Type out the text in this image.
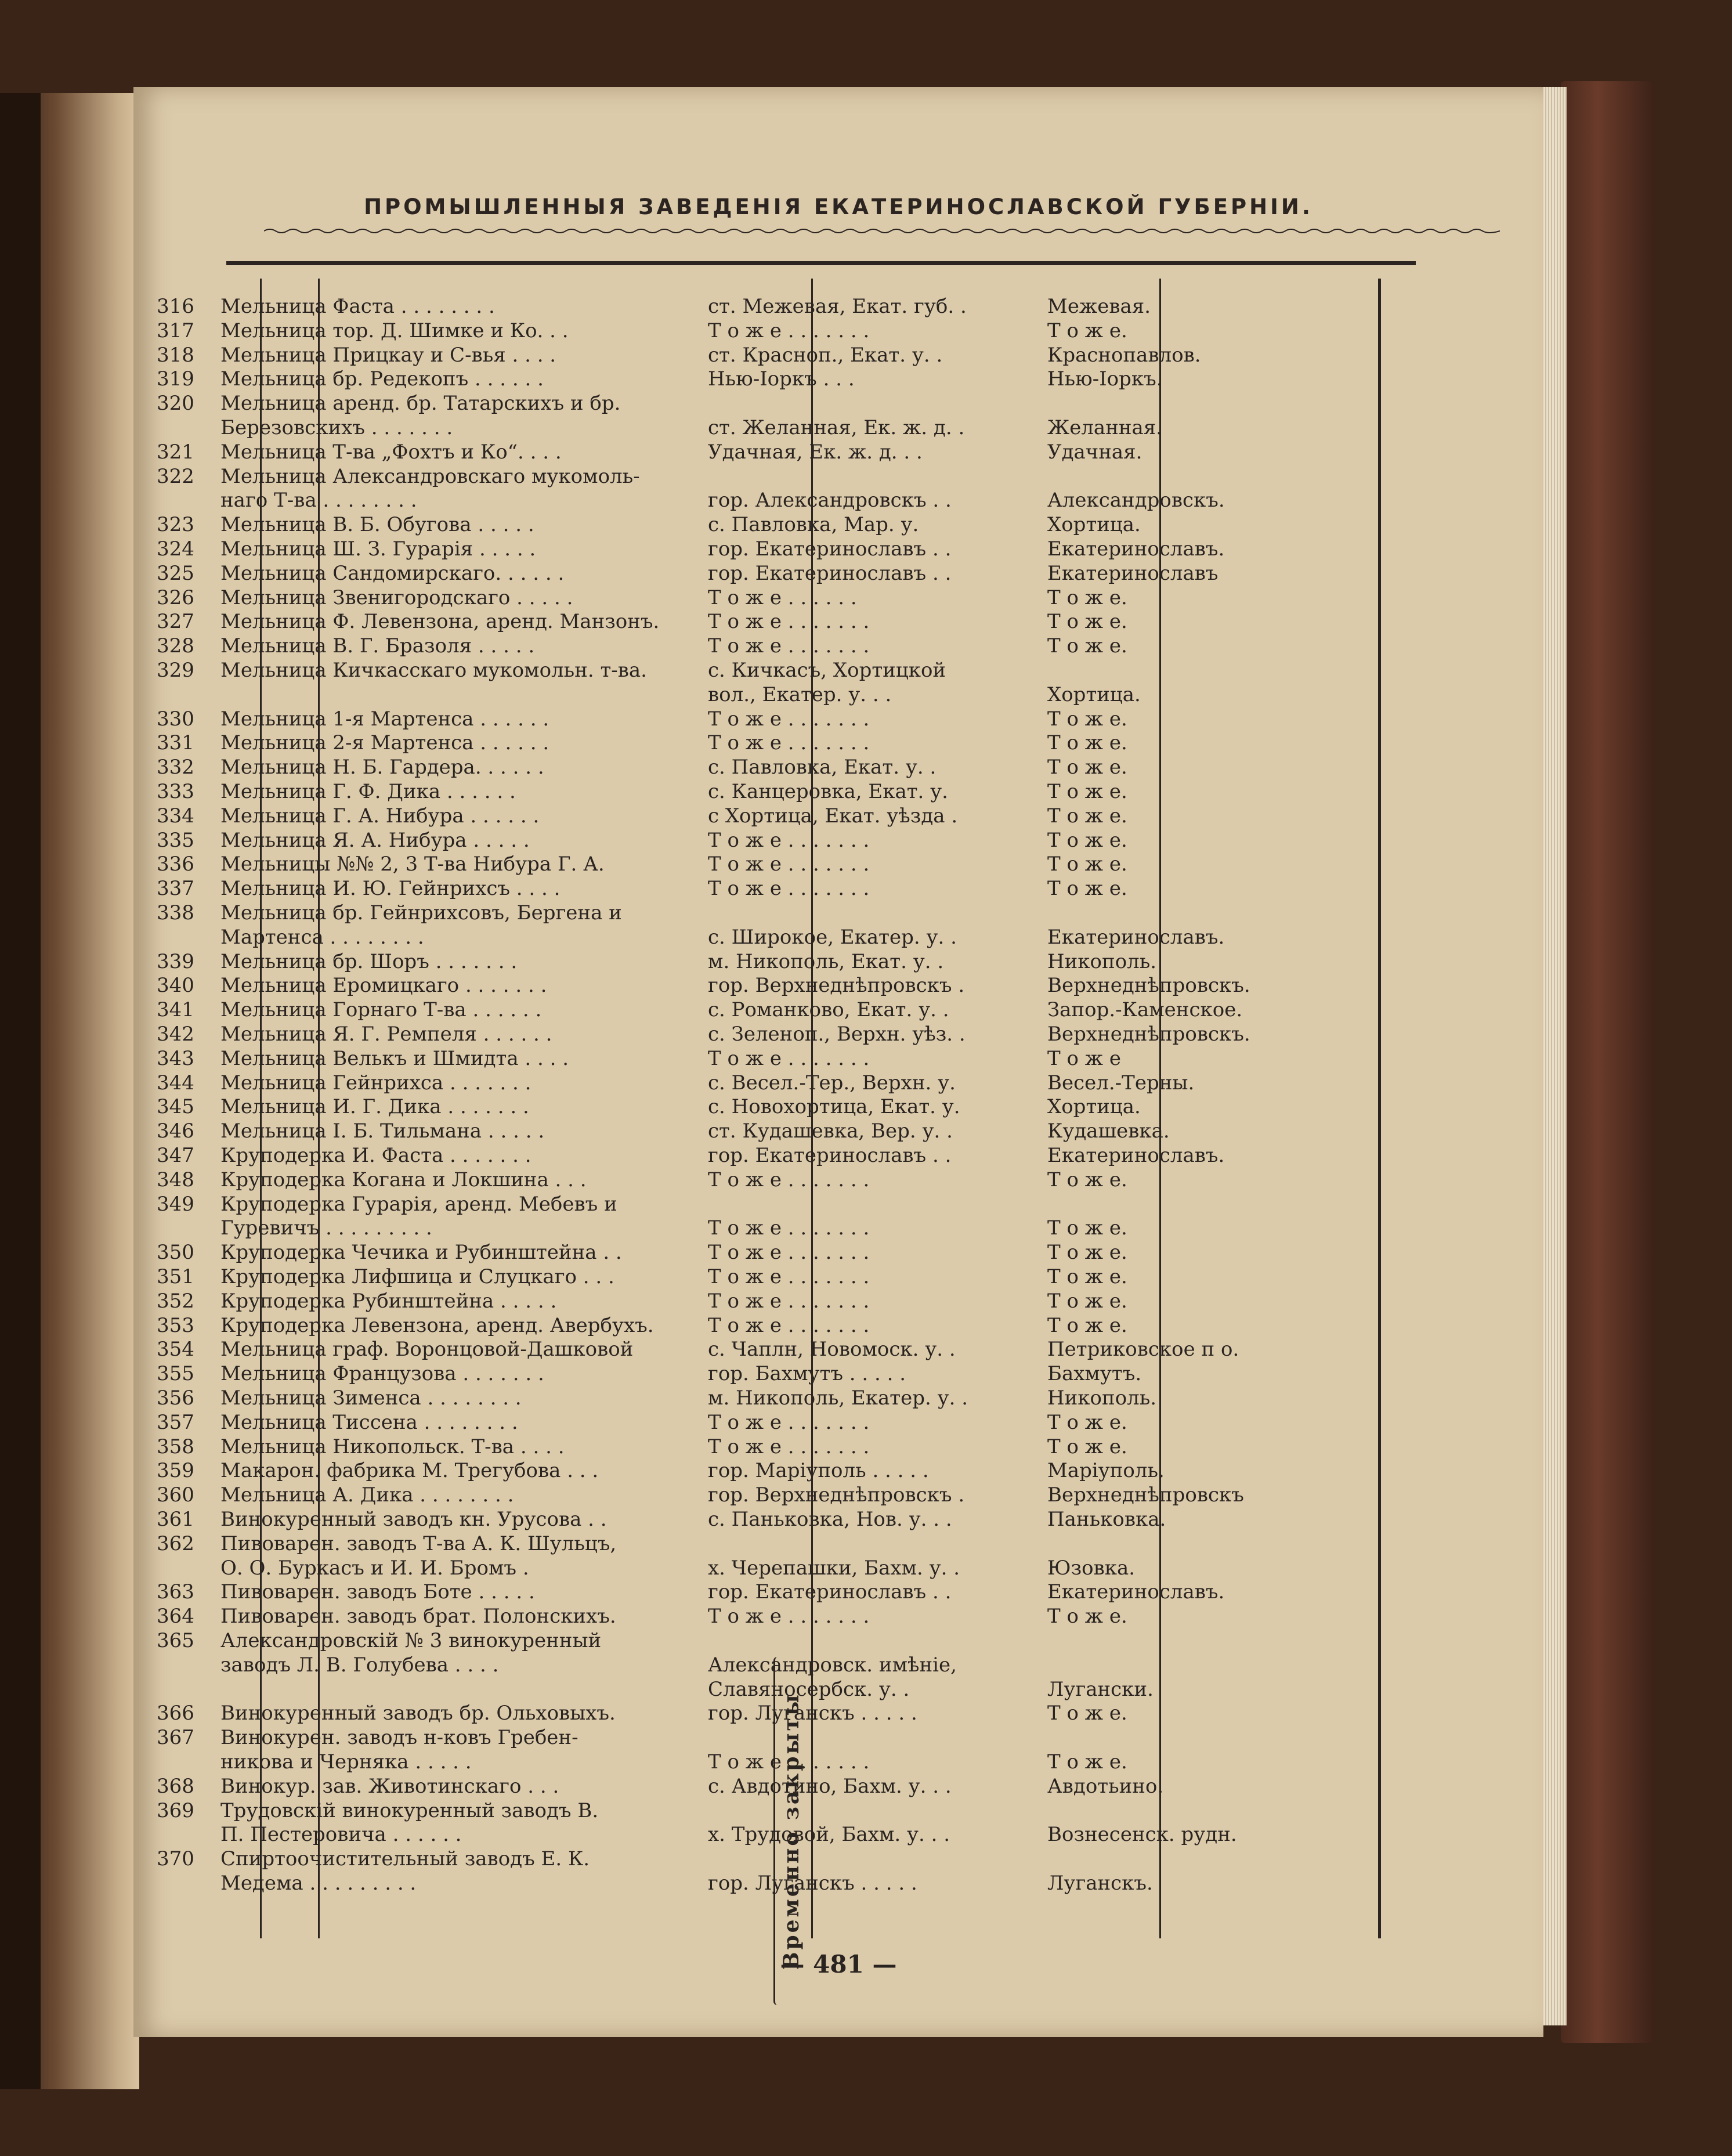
ПРОМЫШЛЕННЫЯ ЗАВЕДЕНІЯ ЕКАТЕРИНОСЛАВСКОЙ ГУБЕРНІИ.
316	Мельница Фаста . . . . . . . .	ст. Межевая, Екат. губ. .	Межевая.
317	Мельница тор. Д. Шимке и Ко. . .	Т о ж е . . . . . . .	Т о ж е.
318	Мельница Прицкау и С-вья . . . .	ст. Красноп., Екат. у. .	Краснопавлов.
319	Мельница бр. Редекопъ . . . . . .	Нью-Іоркъ . . .	Нью-Іоркъ.
320	Мельница аренд. бр. Татарскихъ и бр.
Березовскихъ . . . . . . .	ст. Желанная, Ек. ж. д. .	Желанная.
321	Мельница Т-ва „Фохтъ и Ко“. . . .	Удачная, Ек. ж. д. . .	Удачная.
322	Мельница Александровскаго мукомоль-
наго Т-ва . . . . . . . .	гор. Александровскъ . .	Александровскъ.
323	Мельница В. Б. Обугова . . . . .	с. Павловка, Мар. у.	Хортица.
324	Мельница Ш. З. Гурарія . . . . .	гор. Екатеринославъ . .	Екатеринославъ.
325	Мельница Сандомирскаго. . . . . .	гор. Екатеринославъ . .	Екатеринославъ
326	Мельница Звенигородскаго . . . . .	Т о ж е . . . . . .	Т о ж е.
327	Мельница Ф. Левензона, аренд. Манзонъ. Т о ж е . . . . . . .	Т о ж е.
328	Мельница В. Г. Бразоля . . . . .	Т о ж е . . . . . . .	Т о ж е.
329	Мельница Кичкасскаго мукомольн. т-ва.	с. Кичкасъ, Хортицкой
вол., Екатер. у. . .	Хортица.
330	Мельница 1-я Мартенса . . . . . .	Т о ж е . . . . . . .	Т о ж е.
331	Мельница 2-я Мартенса . . . . . .	Т о ж е . . . . . . .	Т о ж е.
332	Мельница Н. Б. Гардера. . . . . .	с. Павловка, Екат. у. .	Т о ж е.
333	Мельница Г. Ф. Дика . . . . . .	с. Канцеровка, Екат. у.	Т о ж е.
334	Мельница Г. А. Нибура . . . . . .	с Хортица, Екат. уѣзда .	Т о ж е.
335	Мельница Я. А. Нибура . . . . .	Т о ж е . . . . . . .	Т о ж е.
336	Мельницы №№ 2, 3 Т-ва Нибура Г. А.	Т о ж е . . . . . . .	Т о ж е.
337	Мельница И. Ю. Гейнрихсъ . . . .	Т о ж е . . . . . . .	Т о ж е.
338	Мельница бр. Гейнрихсовъ, Бергена и
Мартенса . . . . . . . .	с. Широкое, Екатер. у. .	Екатеринославъ.
339	Мельница бр. Шоръ . . . . . . .	м. Никополь, Екат. у. .	Никополь.
340	Мельница Еромицкаго . . . . . . .	гор. Верхнеднѣпровскъ .	Верхнеднѣпровскъ.
341	Мельница Горнаго Т-ва . . . . . .	с. Романково, Екат. у. .	Запор.-Каменское.
342	Мельница Я. Г. Ремпеля . . . . . .	с. Зеленоп., Верхн. уѣз. .	Верхнеднѣпровскъ.
343	Мельница Велькъ и Шмидта . . . .	Т о ж е . . . . . . .	Т о ж е
344	Мельница Гейнрихса . . . . . . .	с. Весел.-Тер., Верхн. у.	Весел.-Терны.
345	Мельница И. Г. Дика . . . . . . .	с. Новохортица, Екат. у.	Хортица.
346	Мельница І. Б. Тильмана . . . . .	ст. Кудашевка, Вер. у. .	Кудашевка.
347	Круподерка И. Фаста . . . . . . .	гор. Екатеринославъ . .	Екатеринославъ.
348	Круподерка Когана и Локшина . . .	Т о ж е . . . . . . .	Т о ж е.
349	Круподерка Гурарія, аренд. Мебевъ и
Гуревичъ . . . . . . . . .	Т о ж е . . . . . . .	Т о ж е.
350	Круподерка Чечика и Рубинштейна . .	Т о ж е . . . . . . .	Т о ж е.
351	Круподерка Лифшица и Слуцкаго . . .	Т о ж е . . . . . . .	Т о ж е.
352	Круподерка Рубинштейна . . . . .	Т о ж е . . . . . . .	Т о ж е.
353	Круподерка Левензона, аренд. Авербухъ.	Т о ж е . . . . . . .	Т о ж е.
354	Мельница граф. Воронцовой-Дашковой	с. Чаплн, Новомоск. у. .	Петриковское п о.
355	Мельница Французова . . . . . . .	гор. Бахмутъ . . . . .	Бахмутъ.
356	Мельница Зименса . . . . . . . .	м. Никополь, Екатер. у. .	Никополь.
357	Мельница Тиссена . . . . . . . .	Т о ж е . . . . . . .	Т о ж е.
358	Мельница Никопольск. Т-ва . . . .	Т о ж е . . . . . . .	Т о ж е.
359	Макарон. фабрика М. Трегубова . . .	гор. Маріуполь . . . . .	Маріуполь.
360	Мельница А. Дика . . . . . . . .	гор. Верхнеднѣпровскъ .	Верхнеднѣпровскъ
361	Винокуренный заводъ кн. Урусова . .	с. Паньковка, Нов. у. . .	Паньковка.
362	Пивоварен. заводъ Т-ва А. К. Шульцъ,
О. О. Буркасъ и И. И. Бромъ .	х. Черепашки, Бахм. у. .	Юзовка.
363	Пивоварен. заводъ Боте . . . . .	гор. Екатеринославъ . .	Екатеринославъ.
364	Пивоварен. заводъ брат. Полонскихъ.	Т о ж е . . . . . . .	Т о ж е.
365	Александровскій № 3 винокуренный
заводъ Л. В. Голубева . . . .	Александровск. имѣніе,
Славяносербск. у. .	Лугански.
366	Винокуренный заводъ бр. Ольховыхъ.	гор. Луганскъ . . . . .	Т о ж е.
367	Винокурен. заводъ н-ковъ Гребен-
никова и Черняка . . . . .	Т о ж е . . . . . . .	Т о ж е.
368	Винокур. зав. Животинскаго . . .	с. Авдотино, Бахм. у. . .	Авдотьино.
369	Трудовскій винокуренный заводъ В.
П. Пестеровича . . . . . .	х. Трудовой, Бахм. у. . .	Вознесенск. рудн.
370	Спиртоочистительный заводъ Е. К.
Медема . . . . . . . . .	гор. Луганскъ . . . . .	Луганскъ.
Временно закрыты
— 481 —
